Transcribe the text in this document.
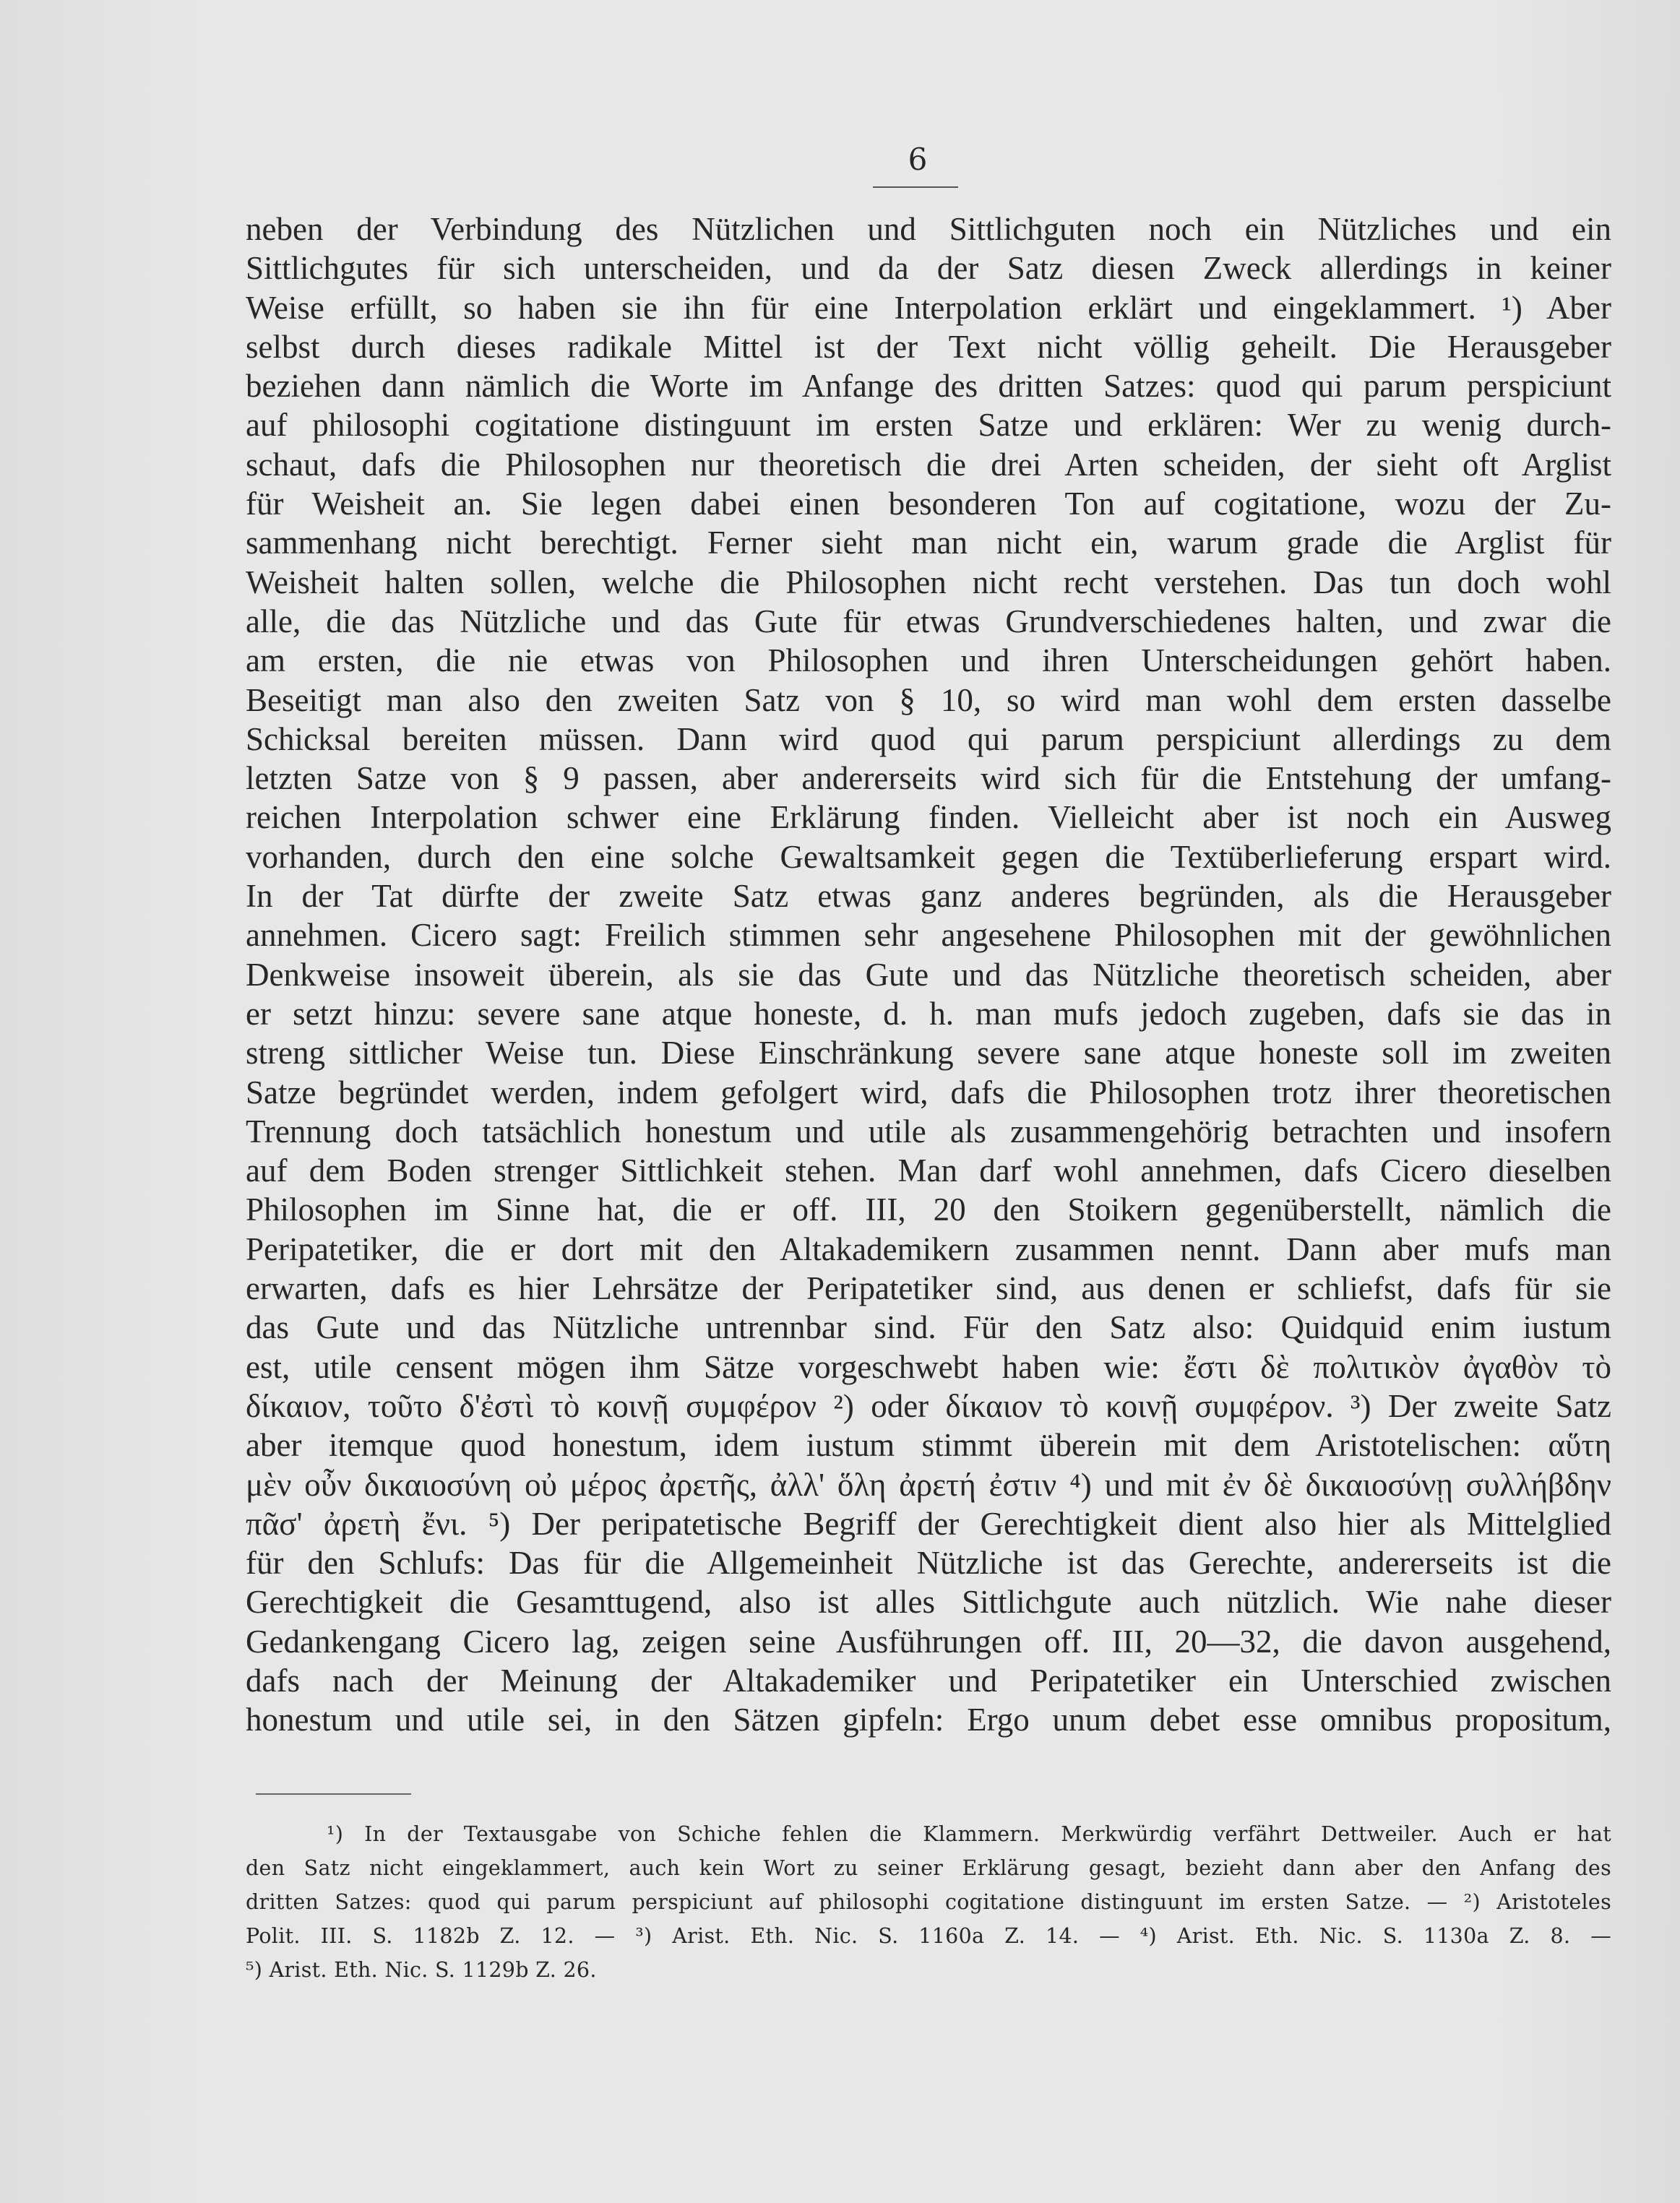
6
neben der Verbindung des Nützlichen und Sittlichguten noch ein Nützliches und ein
Sittlichgutes für sich unterscheiden, und da der Satz diesen Zweck allerdings in keiner
Weise erfüllt, so haben sie ihn für eine Interpolation erklärt und eingeklammert. ¹) Aber
selbst durch dieses radikale Mittel ist der Text nicht völlig geheilt. Die Herausgeber
beziehen dann nämlich die Worte im Anfange des dritten Satzes: quod qui parum perspiciunt
auf philosophi cogitatione distinguunt im ersten Satze und erklären: Wer zu wenig durch-
schaut, dafs die Philosophen nur theoretisch die drei Arten scheiden, der sieht oft Arglist
für Weisheit an. Sie legen dabei einen besonderen Ton auf cogitatione, wozu der Zu-
sammenhang nicht berechtigt. Ferner sieht man nicht ein, warum grade die Arglist für
Weisheit halten sollen, welche die Philosophen nicht recht verstehen. Das tun doch wohl
alle, die das Nützliche und das Gute für etwas Grundverschiedenes halten, und zwar die
am ersten, die nie etwas von Philosophen und ihren Unterscheidungen gehört haben.
Beseitigt man also den zweiten Satz von § 10, so wird man wohl dem ersten dasselbe
Schicksal bereiten müssen. Dann wird quod qui parum perspiciunt allerdings zu dem
letzten Satze von § 9 passen, aber andererseits wird sich für die Entstehung der umfang-
reichen Interpolation schwer eine Erklärung finden. Vielleicht aber ist noch ein Ausweg
vorhanden, durch den eine solche Gewaltsamkeit gegen die Textüberlieferung erspart wird.
In der Tat dürfte der zweite Satz etwas ganz anderes begründen, als die Herausgeber
annehmen. Cicero sagt: Freilich stimmen sehr angesehene Philosophen mit der gewöhnlichen
Denkweise insoweit überein, als sie das Gute und das Nützliche theoretisch scheiden, aber
er setzt hinzu: severe sane atque honeste, d. h. man mufs jedoch zugeben, dafs sie das in
streng sittlicher Weise tun. Diese Einschränkung severe sane atque honeste soll im zweiten
Satze begründet werden, indem gefolgert wird, dafs die Philosophen trotz ihrer theoretischen
Trennung doch tatsächlich honestum und utile als zusammengehörig betrachten und insofern
auf dem Boden strenger Sittlichkeit stehen. Man darf wohl annehmen, dafs Cicero dieselben
Philosophen im Sinne hat, die er off. III, 20 den Stoikern gegenüberstellt, nämlich die
Peripatetiker, die er dort mit den Altakademikern zusammen nennt. Dann aber mufs man
erwarten, dafs es hier Lehrsätze der Peripatetiker sind, aus denen er schliefst, dafs für sie
das Gute und das Nützliche untrennbar sind. Für den Satz also: Quidquid enim iustum
est, utile censent mögen ihm Sätze vorgeschwebt haben wie: ἔστι δὲ πολιτικὸν ἀγαθὸν τὸ
δίκαιον, τοῦτο δ'ἐστὶ τὸ κοινῇ συμφέρον ²) oder δίκαιον τὸ κοινῇ συμφέρον. ³) Der zweite Satz
aber itemque quod honestum, idem iustum stimmt überein mit dem Aristotelischen: αὕτη
μὲν οὖν δικαιοσύνη οὐ μέρος ἀρετῆς, ἀλλ' ὅλη ἀρετή ἐστιν ⁴) und mit ἐν δὲ δικαιοσύνῃ συλλήβδην
πᾶσ' ἀρετὴ ἔνι. ⁵) Der peripatetische Begriff der Gerechtigkeit dient also hier als Mittelglied
für den Schlufs: Das für die Allgemeinheit Nützliche ist das Gerechte, andererseits ist die
Gerechtigkeit die Gesamttugend, also ist alles Sittlichgute auch nützlich. Wie nahe dieser
Gedankengang Cicero lag, zeigen seine Ausführungen off. III, 20—32, die davon ausgehend,
dafs nach der Meinung der Altakademiker und Peripatetiker ein Unterschied zwischen
honestum und utile sei, in den Sätzen gipfeln: Ergo unum debet esse omnibus propositum,
¹) In der Textausgabe von Schiche fehlen die Klammern. Merkwürdig verfährt Dettweiler. Auch er hat
den Satz nicht eingeklammert, auch kein Wort zu seiner Erklärung gesagt, bezieht dann aber den Anfang des
dritten Satzes: quod qui parum perspiciunt auf philosophi cogitatione distinguunt im ersten Satze. — ²) Aristoteles
Polit. III. S. 1182b Z. 12. — ³) Arist. Eth. Nic. S. 1160a Z. 14. — ⁴) Arist. Eth. Nic. S. 1130a Z. 8. —
⁵) Arist. Eth. Nic. S. 1129b Z. 26.
